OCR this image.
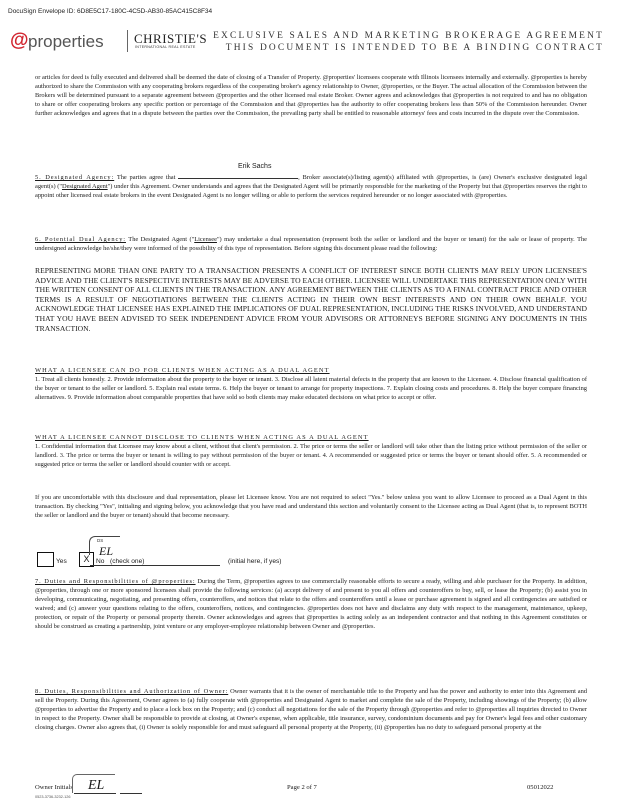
DocuSign Envelope ID: 6D8E5C17-180C-4C5D-AB30-85AC415C8F34
@ properties CHRISTIE'S
INTERNATIONAL REAL ESTATE
EXCLUSIVE SALES AND MARKETING BROKERAGE AGREEMENT
THIS DOCUMENT IS INTENDED TO BE A BINDING CONTRACT
or articles for deed is fully executed and delivered shall be deemed the date of closing of a Transfer of Property. @properties' licensees cooperate with Illinois licensees internally and externally. @properties is hereby authorized to share the Commission with any cooperating brokers regardless of the cooperating broker's agency relationship to Owner, @properties, or the Buyer. The actual allocation of the Commission between the Brokers will be determined pursuant to a separate agreement between @properties and the other licensed real estate Broker. Owner agrees and acknowledges that @properties is not required to and has no obligation to share or offer cooperating brokers any specific portion or percentage of the Commission and that @properties has the authority to offer cooperating brokers less than 50% of the Commission hereunder. Owner further acknowledges and agrees that in a dispute between the parties over the Commission, the prevailing party shall be entitled to reasonable attorneys' fees and costs incurred in the dispute over the Commission.
Erik Sachs
5. Designated Agency: The parties agree that	, Broker associate(s)/listing agent(s) affiliated with @properties, is (are) Owner's exclusive designated legal agent(s) ("Designated Agent") under this Agreement. Owner understands and agrees that the Designated Agent will be primarily responsible for the marketing of the Property but that @properties reserves the right to appoint other licensed real estate brokers in the event Designated Agent is no longer willing or able to perform the services required hereunder or no longer associated with @properties.
6. Potential Dual Agency: The Designated Agent ("Licensee") may undertake a dual representation (represent both the seller or landlord and the buyer or tenant) for the sale or lease of property. The undersigned acknowledge he/she/they were informed of the possibility of this type of representation. Before signing this document please read the following:
REPRESENTING MORE THAN ONE PARTY TO A TRANSACTION PRESENTS A CONFLICT OF INTEREST SINCE BOTH CLIENTS MAY RELY UPON LICENSEE'S ADVICE AND THE CLIENT'S RESPECTIVE INTERESTS MAY BE ADVERSE TO EACH OTHER. LICENSEE WILL UNDERTAKE THIS REPRESENTATION ONLY WITH THE WRITTEN CONSENT OF ALL CLIENTS IN THE TRANSACTION. ANY AGREEMENT BETWEEN THE CLIENTS AS TO A FINAL CONTRACT PRICE AND OTHER TERMS IS A RESULT OF NEGOTIATIONS BETWEEN THE CLIENTS ACTING IN THEIR OWN BEST INTERESTS AND ON THEIR OWN BEHALF. YOU ACKNOWLEDGE THAT LICENSEE HAS EXPLAINED THE IMPLICATIONS OF DUAL REPRESENTATION, INCLUDING THE RISKS INVOLVED, AND UNDERSTAND THAT YOU HAVE BEEN ADVISED TO SEEK INDEPENDENT ADVICE FROM YOUR ADVISORS OR ATTORNEYS BEFORE SIGNING ANY DOCUMENTS IN THIS TRANSACTION.
WHAT A LICENSEE CAN DO FOR CLIENTS WHEN ACTING AS A DUAL AGENT
1. Treat all clients honestly. 2. Provide information about the property to the buyer or tenant. 3. Disclose all latent material defects in the property that are known to the Licensee. 4. Disclose financial qualification of the buyer or tenant to the seller or landlord. 5. Explain real estate terms. 6. Help the buyer or tenant to arrange for property inspections. 7. Explain closing costs and procedures. 8. Help the buyer compare financing alternatives. 9. Provide information about comparable properties that have sold so both clients may make educated decisions on what price to accept or offer.
WHAT A LICENSEE CANNOT DISCLOSE TO CLIENTS WHEN ACTING AS A DUAL AGENT
1. Confidential information that Licensee may know about a client, without that client's permission. 2. The price or terms the seller or landlord will take other than the listing price without permission of the seller or landlord. 3. The price or terms the buyer or tenant is willing to pay without permission of the buyer or tenant. 4. A recommended or suggested price or terms the buyer or tenant should offer. 5. A recommended or suggested price or terms the seller or landlord should counter with or accept.
If you are uncomfortable with this disclosure and dual representation, please let Licensee know. You are not required to select "Yes." below unless you want to allow Licensee to proceed as a Dual Agent in this transaction. By checking "Yes", initialing and signing below, you acknowledge that you have read and understand this section and voluntarily consent to the Licensee acting as Dual Agent (that is, to represent BOTH the seller or landlord and the buyer or tenant) should that become necessary.
Yes	X No (check one)
DS
EL
(initial here, if yes)
7. Duties and Responsibilities of @properties: During the Term, @properties agrees to use commercially reasonable efforts to secure a ready, willing and able purchaser for the Property. In addition, @properties, through one or more sponsored licensees shall provide the following services: (a) accept delivery of and present to you all offers and counteroffers to buy, sell, or lease the Property; (b) assist you in developing, communicating, negotiating, and presenting offers, counteroffers, and notices that relate to the offers and counteroffers until a lease or purchase agreement is signed and all contingencies are satisfied or waived; and (c) answer your questions relating to the offers, counteroffers, notices, and contingencies. @properties does not have and disclaims any duty with respect to the management, maintenance, upkeep, protection, or repair of the Property or personal property therein. Owner acknowledges and agrees that @properties is acting solely as an independent contractor and that nothing in this Agreement constitutes or should be construed as creating a partnership, joint venture or any employer-employee relationship between Owner and @properties.
8. Duties, Responsibilities and Authorization of Owner: Owner warrants that it is the owner of merchantable title to the Property and has the power and authority to enter into this Agreement and sell the Property. During this Agreement, Owner agrees to (a) fully cooperate with @properties and Designated Agent to market and complete the sale of the Property, including showings of the Property; (b) allow @properties to advertise the Property and to place a lock box on the Property; and (c) conduct all negotiations for the sale of the Property through @properties and refer to @properties all inquiries directed to Owner in respect to the Property. Owner shall be responsible to provide at closing, at Owner's expense, when applicable, title insurance, survey, condominium documents and pay for Owner's legal fees and other customary closing charges. Owner also agrees that, (i) Owner is solely responsible for and must safeguard all personal property at the Property, (ii) @properties has no duty to safeguard personal property at the
Owner Initials EL	Page 2 of 7	05012022
0523-3736-3232-126
